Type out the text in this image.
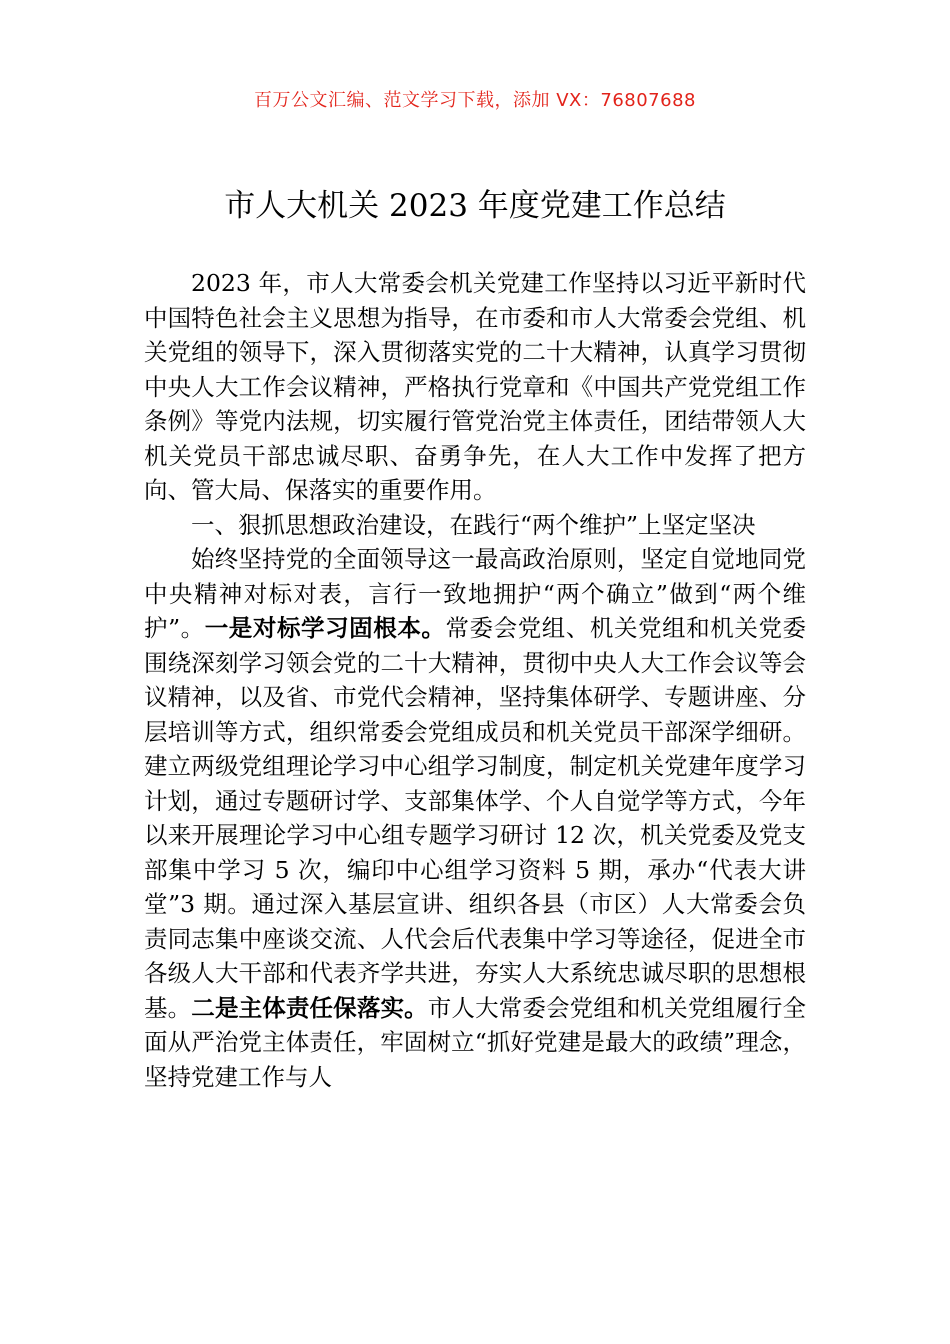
百万公文汇编、范文学习下载，添加 VX：76807688
市人大机关 2023 年度党建工作总结

2023 年，市人大常委会机关党建工作坚持以习近平新时代中国特色社会主义思想为指导，在市委和市人大常委会党组、机关党组的领导下，深入贯彻落实党的二十大精神，认真学习贯彻中央人大工作会议精神，严格执行党章和《中国共产党党组工作条例》等党内法规，切实履行管党治党主体责任，团结带领人大机关党员干部忠诚尽职、奋勇争先，在人大工作中发挥了把方向、管大局、保落实的重要作用。

一、狠抓思想政治建设，在践行“两个维护”上坚定坚决

始终坚持党的全面领导这一最高政治原则，坚定自觉地同党中央精神对标对表，言行一致地拥护“两个确立”做到“两个维护”。一是对标学习固根本。常委会党组、机关党组和机关党委围绕深刻学习领会党的二十大精神，贯彻中央人大工作会议等会议精神，以及省、市党代会精神，坚持集体研学、专题讲座、分层培训等方式，组织常委会党组成员和机关党员干部深学细研。建立两级党组理论学习中心组学习制度，制定机关党建年度学习计划，通过专题研讨学、支部集体学、个人自觉学等方式，今年以来开展理论学习中心组专题学习研讨 12 次，机关党委及党支部集中学习 5 次，编印中心组学习资料 5 期，承办“代表大讲堂”3 期。通过深入基层宣讲、组织各县（市区）人大常委会负责同志集中座谈交流、人代会后代表集中学习等途径，促进全市各级人大干部和代表齐学共进，夯实人大系统忠诚尽职的思想根基。二是主体责任保落实。市人大常委会党组和机关党组履行全面从严治党主体责任，牢固树立“抓好党建是最大的政绩”理念，坚持党建工作与人
